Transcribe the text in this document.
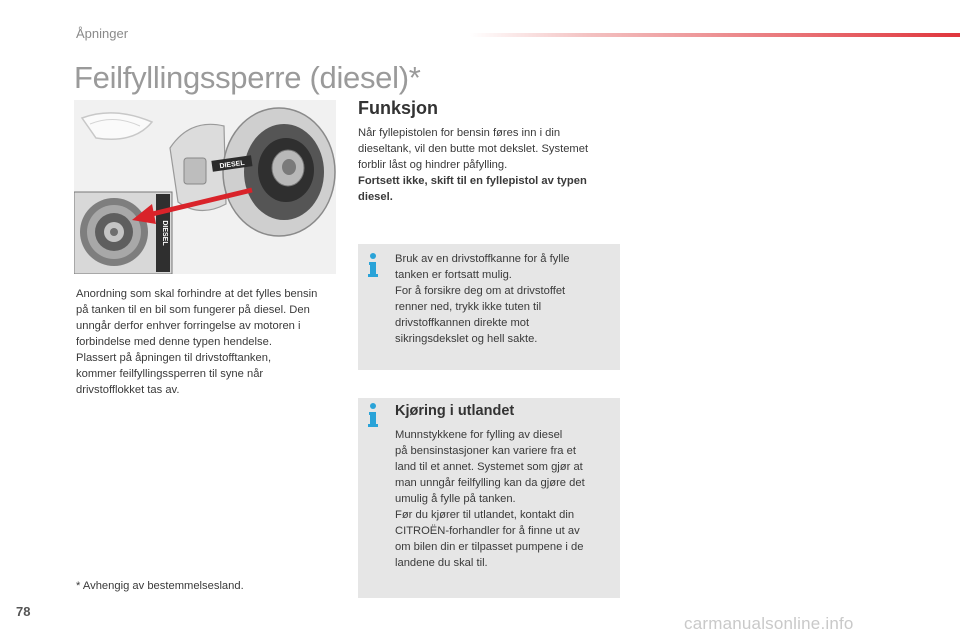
Åpninger
Feilfyllingssperre (diesel)*
DIESEL
DIESEL
Anordning som skal forhindre at det fylles bensin
på tanken til en bil som fungerer på diesel. Den
unngår derfor enhver forringelse av motoren i
forbindelse med denne typen hendelse.
Plassert på åpningen til drivstofftanken,
kommer feilfyllingssperren til syne når
drivstofflokket tas av.
* Avhengig av bestemmelsesland.
78
Funksjon
Når fyllepistolen for bensin føres inn i din
dieseltank, vil den butte mot dekslet. Systemet
forblir låst og hindrer påfylling.
Fortsett ikke, skift til en fyllepistol av typen
diesel.
Bruk av en drivstoffkanne for å fylle
tanken er fortsatt mulig.
For å forsikre deg om at drivstoffet
renner ned, trykk ikke tuten til
drivstoffkannen direkte mot
sikringsdekslet og hell sakte.
Kjøring i utlandet
Munnstykkene for fylling av diesel
på bensinstasjoner kan variere fra et
land til et annet. Systemet som gjør at
man unngår feilfylling kan da gjøre det
umulig å fylle på tanken.
Før du kjører til utlandet, kontakt din
CITROËN-forhandler for å finne ut av
om bilen din er tilpasset pumpene i de
landene du skal til.
carmanualsonline.info
